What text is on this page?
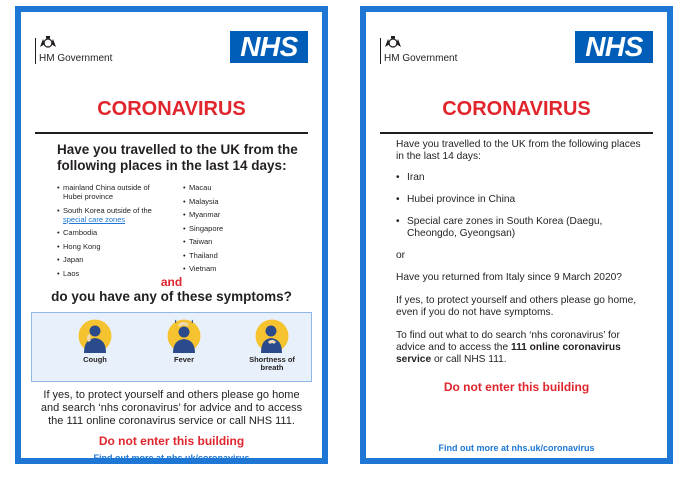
HM Government	NHS
CORONAVIRUS
Have you travelled to the UK from the following places in the last 14 days:
• mainland China outside of Hubei province
• South Korea outside of the special care zones
• Cambodia
• Hong Kong
• Japan
• Laos
• Macau
• Malaysia
• Myanmar
• Singapore
• Taiwan
• Thailand
• Vietnam
and
do you have any of these symptoms?
Cough	Fever	Shortness of breath
If yes, to protect yourself and others please go home and search ‘nhs coronavirus’ for advice and to access the 111 online coronavirus service or call NHS 111.
Do not enter this building
Find out more at nhs.uk/coronavirus
HM Government	NHS
CORONAVIRUS

Have you travelled to the UK from the following places in the last 14 days:

• Iran
• Hubei province in China
• Special care zones in South Korea (Daegu, Cheongdo, Gyeongsan)

or

Have you returned from Italy since 9 March 2020?

If yes, to protect yourself and others please go home, even if you do not have symptoms.

To find out what to do search ‘nhs coronavirus’ for advice and to access the 111 online coronavirus service or call NHS 111.

Do not enter this building
Find out more at nhs.uk/coronavirus
